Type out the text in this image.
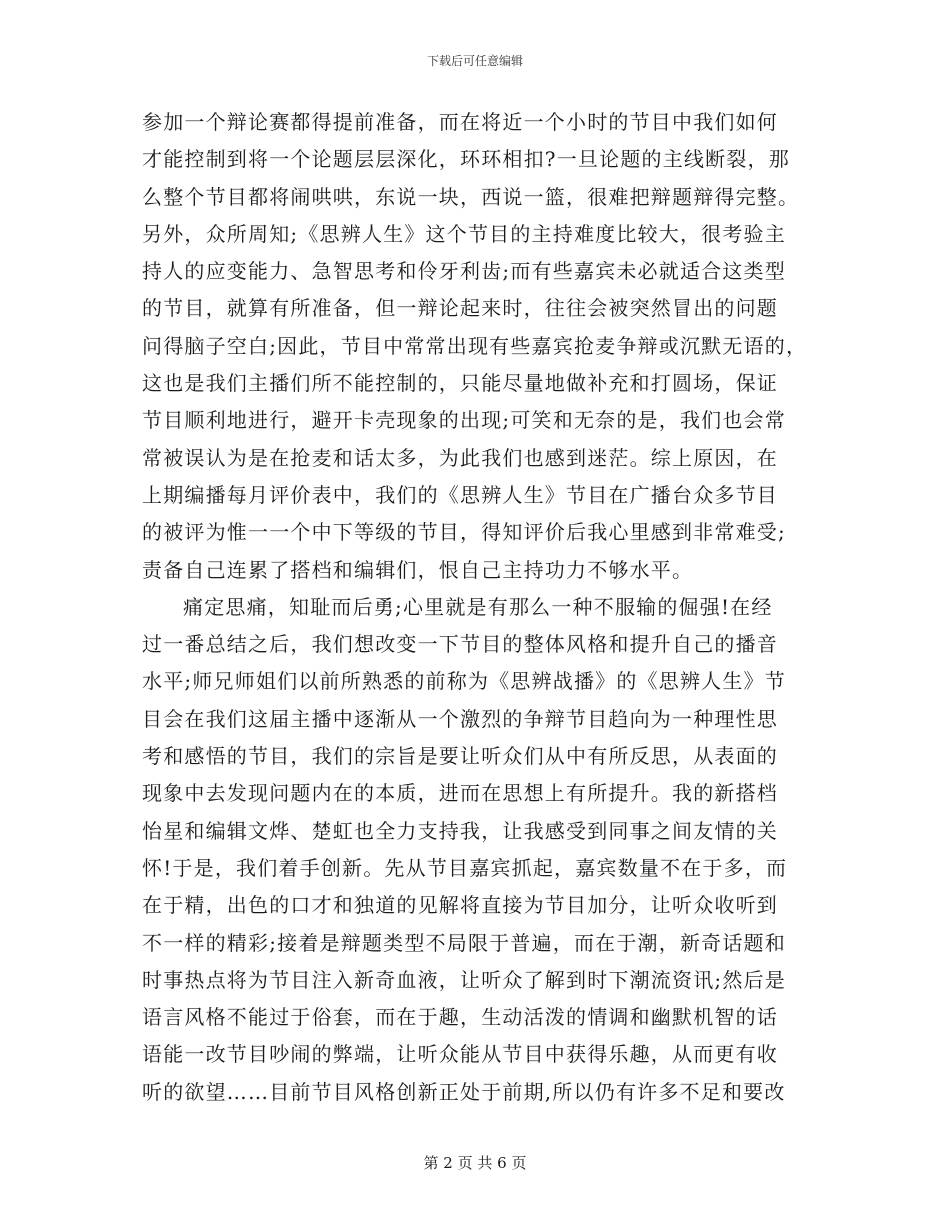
下载后可任意编辑
参加一个辩论赛都得提前准备，而在将近一个小时的节目中我们如何
才能控制到将一个论题层层深化，环环相扣?一旦论题的主线断裂，那
么整个节目都将闹哄哄，东说一块，西说一篮，很难把辩题辩得完整。
另外，众所周知;《思辨人生》这个节目的主持难度比较大，很考验主
持人的应变能力、急智思考和伶牙利齿;而有些嘉宾未必就适合这类型
的节目，就算有所准备，但一辩论起来时，往往会被突然冒出的问题
问得脑子空白;因此，节目中常常出现有些嘉宾抢麦争辩或沉默无语的，
这也是我们主播们所不能控制的，只能尽量地做补充和打圆场，保证
节目顺利地进行，避开卡壳现象的出现;可笑和无奈的是，我们也会常
常被误认为是在抢麦和话太多，为此我们也感到迷茫。综上原因，在
上期编播每月评价表中，我们的《思辨人生》节目在广播台众多节目
的被评为惟一一个中下等级的节目，得知评价后我心里感到非常难受;
责备自己连累了搭档和编辑们，恨自己主持功力不够水平。
痛定思痛，知耻而后勇;心里就是有那么一种不服输的倔强!在经
过一番总结之后，我们想改变一下节目的整体风格和提升自己的播音
水平;师兄师姐们以前所熟悉的前称为《思辨战播》的《思辨人生》节
目会在我们这届主播中逐渐从一个激烈的争辩节目趋向为一种理性思
考和感悟的节目，我们的宗旨是要让听众们从中有所反思，从表面的
现象中去发现问题内在的本质，进而在思想上有所提升。我的新搭档
怡星和编辑文烨、楚虹也全力支持我，让我感受到同事之间友情的关
怀!于是，我们着手创新。先从节目嘉宾抓起，嘉宾数量不在于多，而
在于精，出色的口才和独道的见解将直接为节目加分，让听众收听到
不一样的精彩;接着是辩题类型不局限于普遍，而在于潮，新奇话题和
时事热点将为节目注入新奇血液，让听众了解到时下潮流资讯;然后是
语言风格不能过于俗套，而在于趣，生动活泼的情调和幽默机智的话
语能一改节目吵闹的弊端，让听众能从节目中获得乐趣，从而更有收
听的欲望……目前节目风格创新正处于前期,所以仍有许多不足和要改
第 2 页 共 6 页
